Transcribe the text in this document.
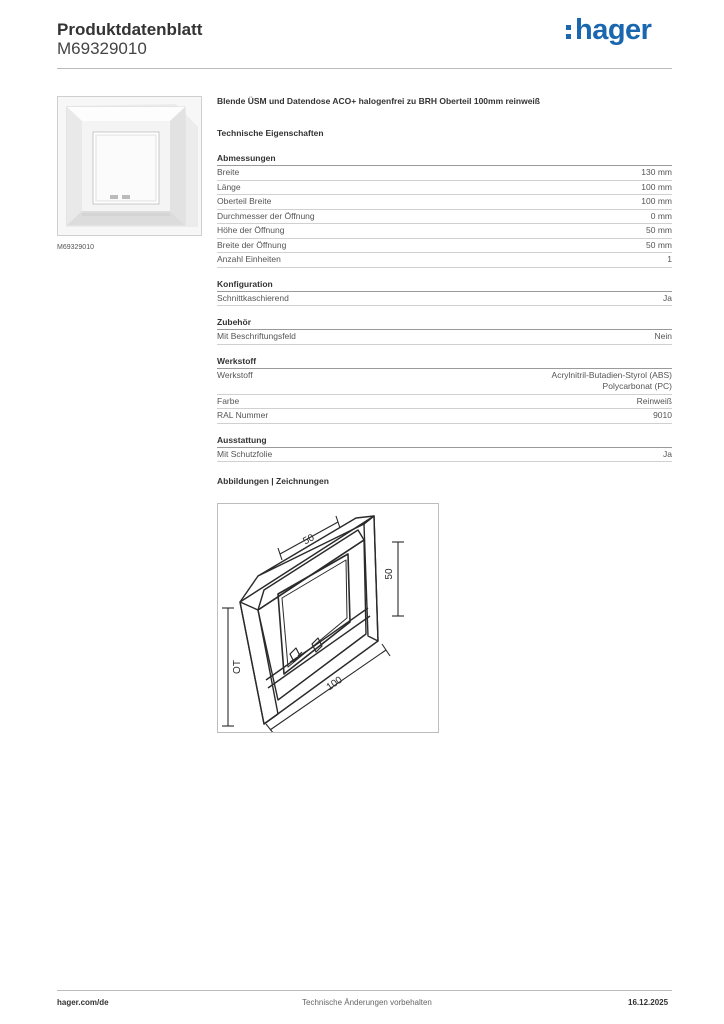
Produktdatenblatt
M69329010
hager
M69329010
Blende ÜSM und Datendose ACO+ halogenfrei zu BRH Oberteil 100mm reinweiß
Technische Eigenschaften
Abmessungen
Breite	130 mm
Länge	100 mm
Oberteil Breite	100 mm
Durchmesser der Öffnung	0 mm
Höhe der Öffnung	50 mm
Breite der Öffnung	50 mm
Anzahl Einheiten	1
Konfiguration
Schnittkaschierend	Ja
Zubehör
Mit Beschriftungsfeld	Nein
Werkstoff
Werkstoff	Acrylnitril-Butadien-Styrol (ABS)
Polycarbonat (PC)
Farbe	Reinweiß
RAL Nummer	9010
Ausstattung
Mit Schutzfolie	Ja
Abbildungen | Zeichnungen
50
50
OT
100
hager.com/de	Technische Änderungen vorbehalten	16.12.2025
